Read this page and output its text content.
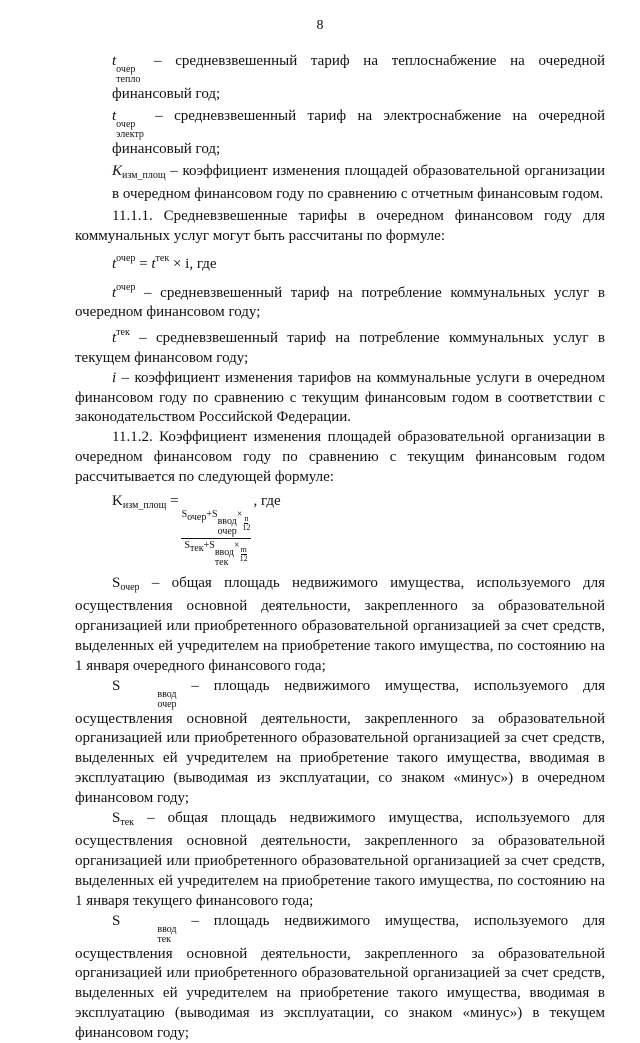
8

t
очер
тепло
– средневзвешенный тариф на теплоснабжение на очередной финансовый год;

t
очер
электр
– средневзвешенный тариф на электроснабжение на очередной финансовый год;

$K_{изм\_площ}$ – коэффициент изменения площадей образовательной организации в очередном финансовом году по сравнению с отчетным финансовым годом.

11.1.1. Средневзвешенные тарифы в очередном финансовом году для коммунальных услуг могут быть рассчитаны по формуле:

$t^{очер} = t^{тек} \times i$, где

$t^{очер}$ – средневзвешенный тариф на потребление коммунальных услуг в очередном финансовом году;

$t^{тек}$ – средневзвешенный тариф на потребление коммунальных услуг в текущем финансовом году;

i – коэффициент изменения тарифов на коммунальные услуги в очередном финансовом году по сравнению с текущим финансовым годом в соответствии с законодательством Российской Федерации.

11.1.2. Коэффициент изменения площадей образовательной организации в очередном финансовом году по сравнению с текущим финансовым годом рассчитывается по следующей формуле:

$K_{изм\_площ}$ =
Sочер+S
ввод
очер
×
$\frac{n}{12}$
Sтек+S
ввод
тек
×
$\frac{m}{12}$
, где

$S_{очер}$ – общая площадь недвижимого имущества, используемого для осуществления основной деятельности, закрепленного за образовательной организацией или приобретенного образовательной организацией за счет средств, выделенных ей учредителем на приобретение такого имущества, по состоянию на 1 января очередного финансового года;

S
ввод
очер
– площадь недвижимого имущества, используемого для осуществления основной деятельности, закрепленного за образовательной организацией или приобретенного образовательной организацией за счет средств, выделенных ей учредителем на приобретение такого имущества, вводимая в эксплуатацию (выводимая из эксплуатации, со знаком «минус») в очередном финансовом году;

$S_{тек}$ – общая площадь недвижимого имущества, используемого для осуществления основной деятельности, закрепленного за образовательной организацией или приобретенного образовательной организацией за счет средств, выделенных ей учредителем на приобретение такого имущества, по состоянию на 1 января текущего финансового года;

S
ввод
тек
– площадь недвижимого имущества, используемого для осуществления основной деятельности, закрепленного за образовательной организацией или приобретенного образовательной организацией за счет средств, выделенных ей учредителем на приобретение такого имущества, вводимая в эксплуатацию (выводимая из эксплуатации, со знаком «минус») в текущем финансовом году;
